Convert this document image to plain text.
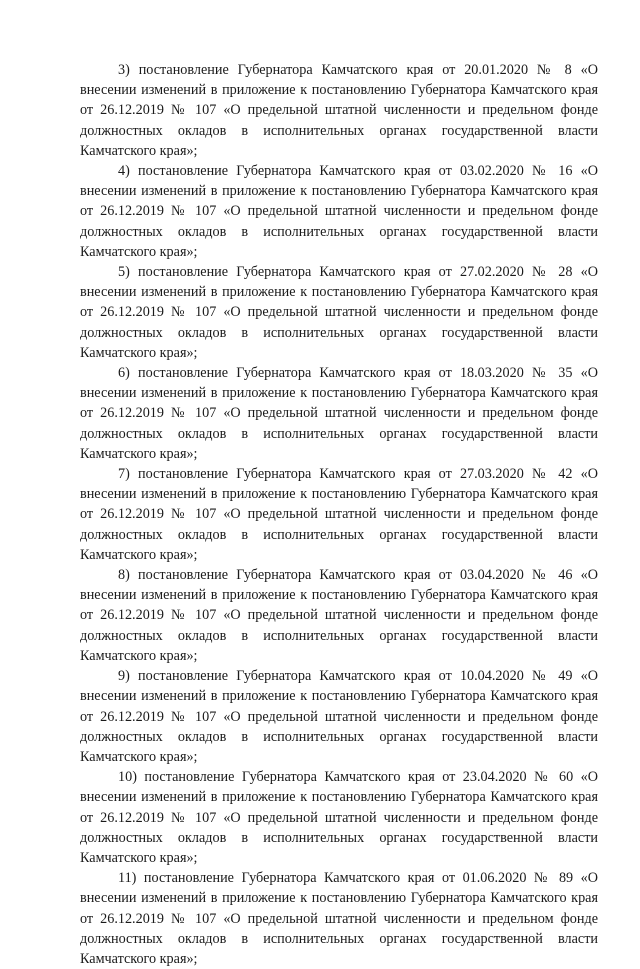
3) постановление Губернатора Камчатского края от 20.01.2020 № 8 «О внесении изменений в приложение к постановлению Губернатора Камчатского края от 26.12.2019 № 107 «О предельной штатной численности и предельном фонде должностных окладов в исполнительных органах государственной власти Камчатского края»;

4) постановление Губернатора Камчатского края от 03.02.2020 № 16 «О внесении изменений в приложение к постановлению Губернатора Камчатского края от 26.12.2019 № 107 «О предельной штатной численности и предельном фонде должностных окладов в исполнительных органах государственной власти Камчатского края»;

5) постановление Губернатора Камчатского края от 27.02.2020 № 28 «О внесении изменений в приложение к постановлению Губернатора Камчатского края от 26.12.2019 № 107 «О предельной штатной численности и предельном фонде должностных окладов в исполнительных органах государственной власти Камчатского края»;

6) постановление Губернатора Камчатского края от 18.03.2020 № 35 «О внесении изменений в приложение к постановлению Губернатора Камчатского края от 26.12.2019 № 107 «О предельной штатной численности и предельном фонде должностных окладов в исполнительных органах государственной власти Камчатского края»;

7) постановление Губернатора Камчатского края от 27.03.2020 № 42 «О внесении изменений в приложение к постановлению Губернатора Камчатского края от 26.12.2019 № 107 «О предельной штатной численности и предельном фонде должностных окладов в исполнительных органах государственной власти Камчатского края»;

8) постановление Губернатора Камчатского края от 03.04.2020 № 46 «О внесении изменений в приложение к постановлению Губернатора Камчатского края от 26.12.2019 № 107 «О предельной штатной численности и предельном фонде должностных окладов в исполнительных органах государственной власти Камчатского края»;

9) постановление Губернатора Камчатского края от 10.04.2020 № 49 «О внесении изменений в приложение к постановлению Губернатора Камчатского края от 26.12.2019 № 107 «О предельной штатной численности и предельном фонде должностных окладов в исполнительных органах государственной власти Камчатского края»;

10) постановление Губернатора Камчатского края от 23.04.2020 № 60 «О внесении изменений в приложение к постановлению Губернатора Камчатского края от 26.12.2019 № 107 «О предельной штатной численности и предельном фонде должностных окладов в исполнительных органах государственной власти Камчатского края»;

11) постановление Губернатора Камчатского края от 01.06.2020 № 89 «О внесении изменений в приложение к постановлению Губернатора Камчатского края от 26.12.2019 № 107 «О предельной штатной численности и предельном фонде должностных окладов в исполнительных органах государственной власти Камчатского края»;
